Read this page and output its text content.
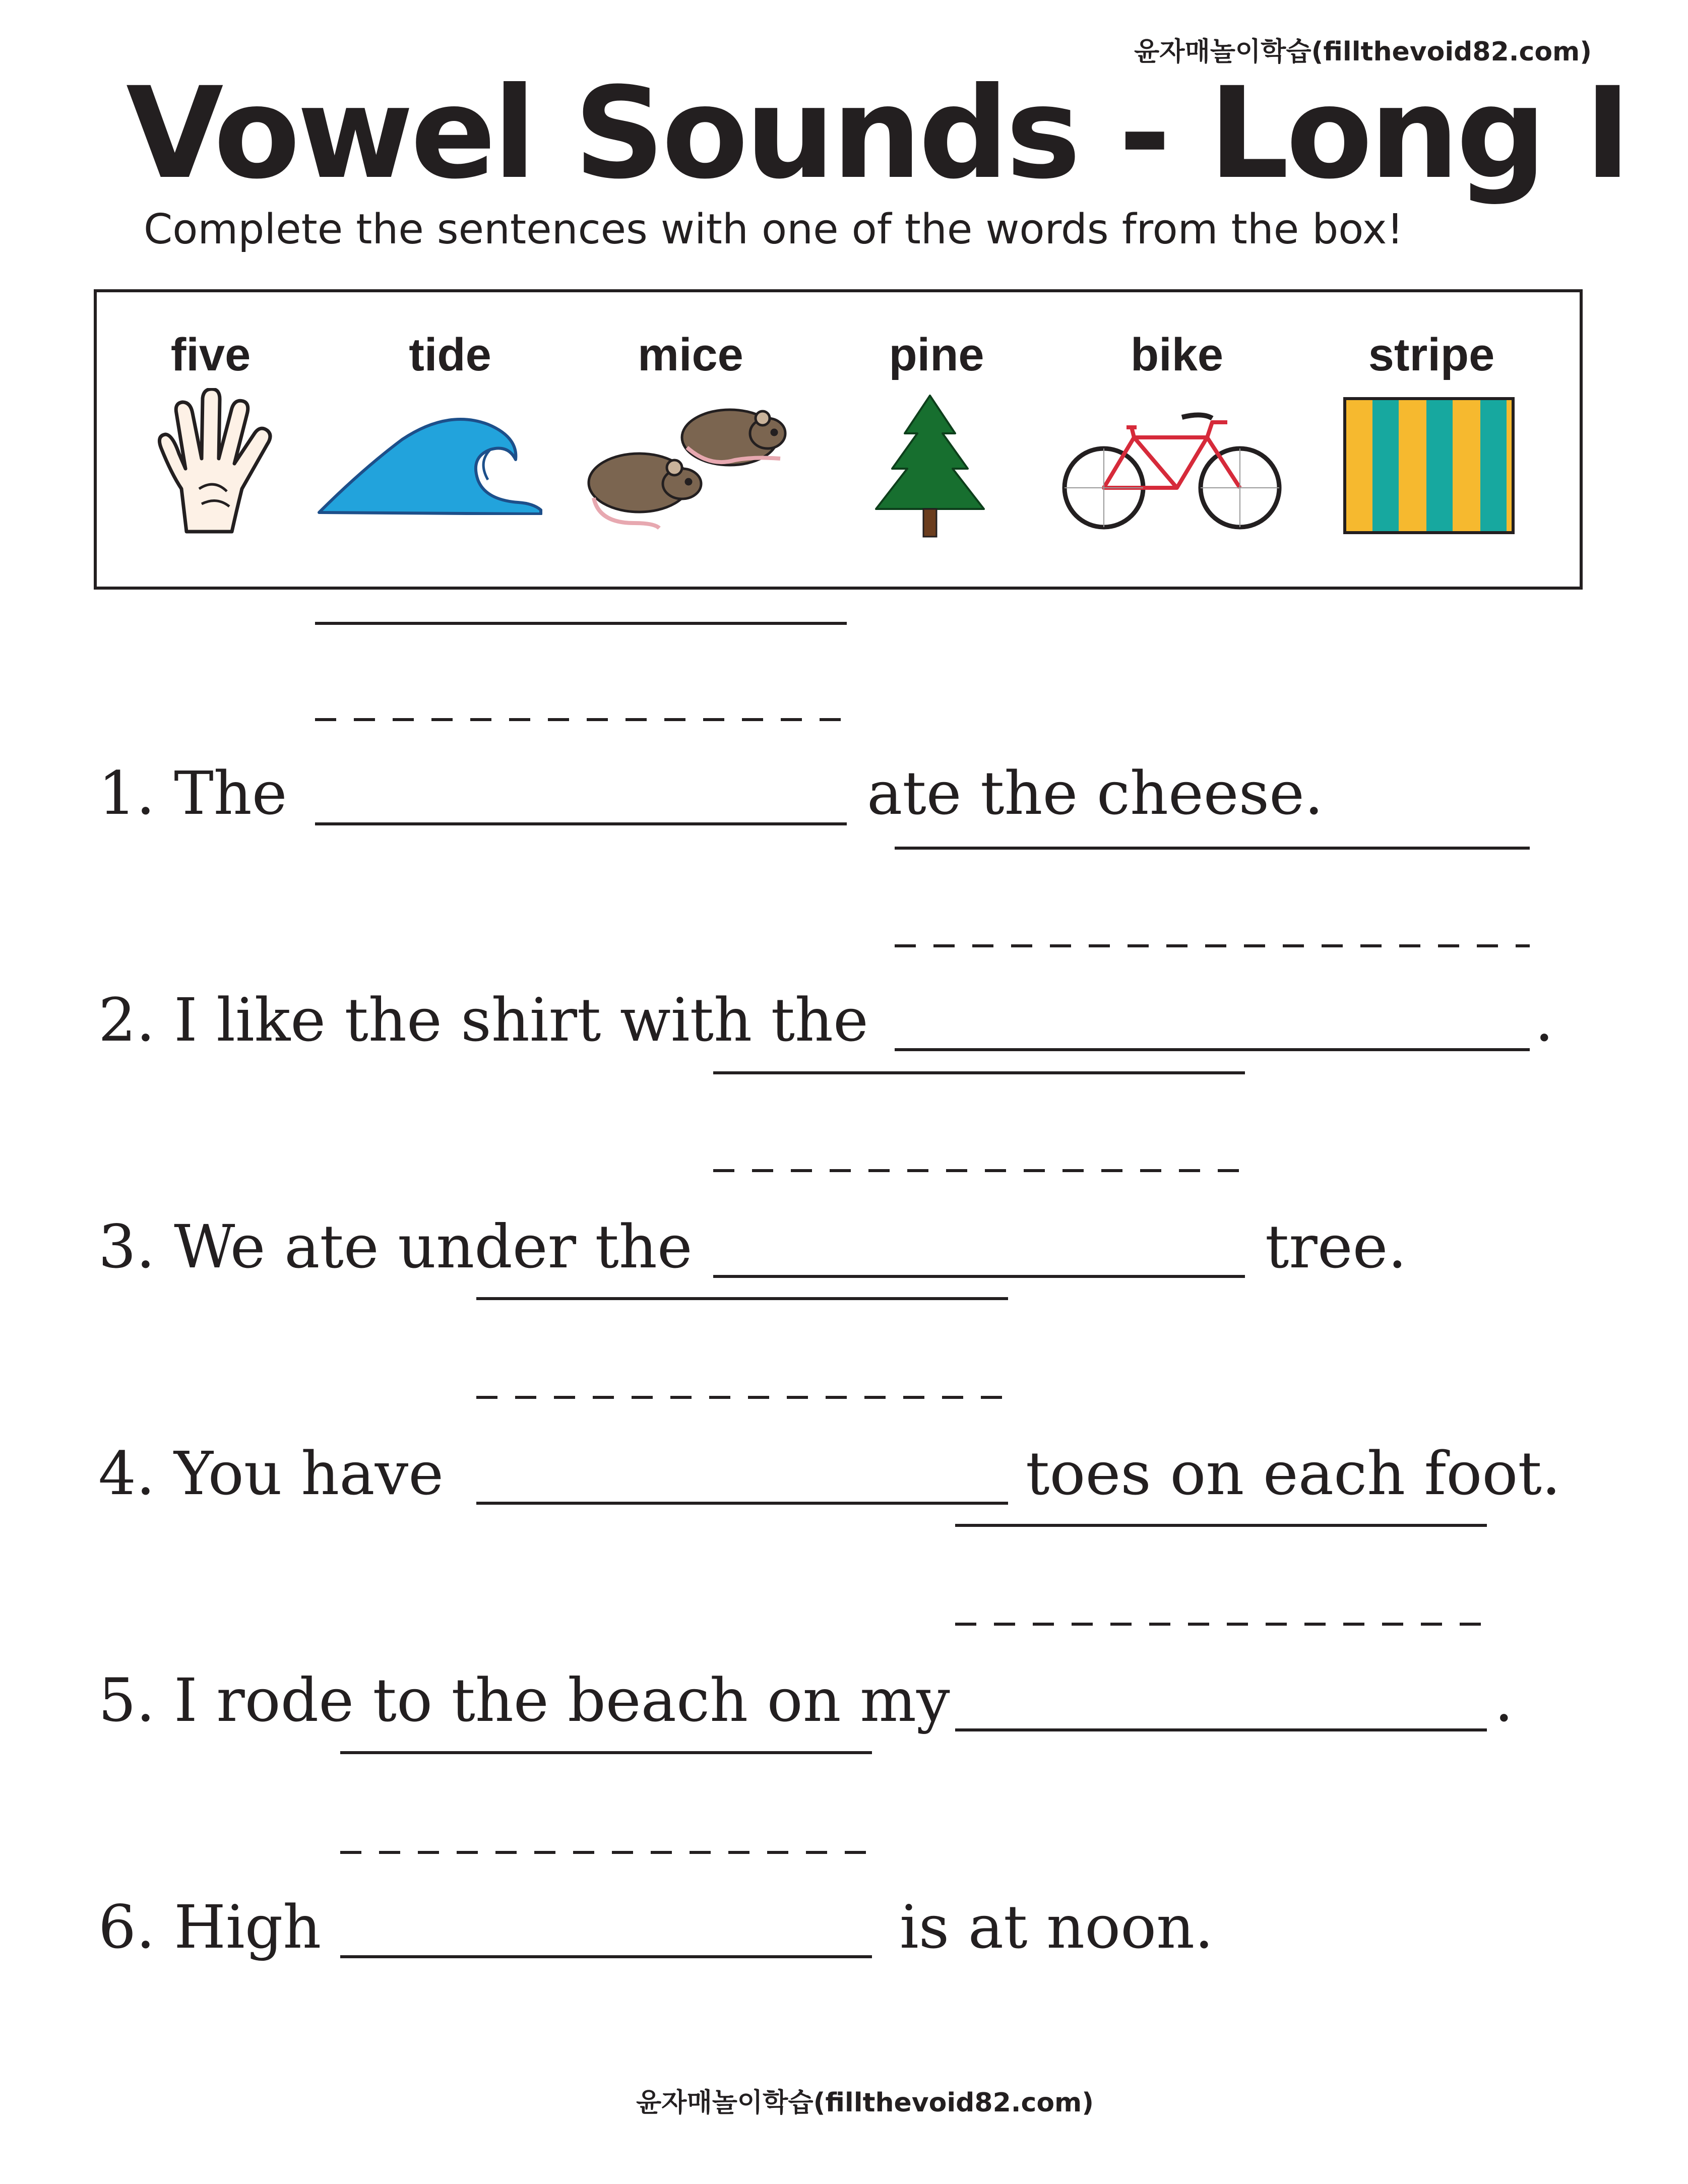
윤자매놀이학습(fillthevoid82.com)
Vowel Sounds - Long I
Complete the sentences with one of the words from the box!
five	tide	mice	pine	bike	stripe
1. The	ate the cheese.
2. I like the shirt with the	.
3. We ate under the	tree.
4. You have	toes on each foot.
5. I rode to the beach on my	.
6. High	is at noon.
윤자매놀이학습(fillthevoid82.com)
